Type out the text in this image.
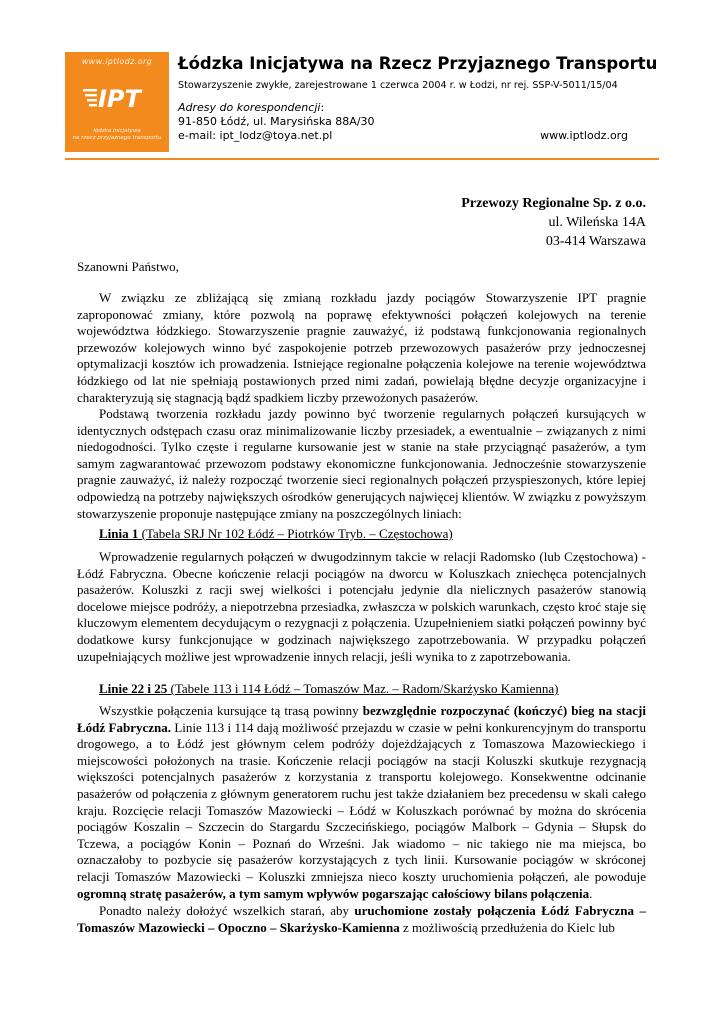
www.iptlodz.org
IPT
łódzka inicjatywa
na rzecz przyjaznego transportu
Łódzka Inicjatywa na Rzecz Przyjaznego Transportu
Stowarzyszenie zwykłe, zarejestrowane 1 czerwca 2004 r. w Łodzi, nr rej. SSP-V-5011/15/04
Adresy do korespondencji:
91-850 Łódź, ul. Marysińska 88A/30
e-mail: ipt_lodz@toya.net.pl	www.iptlodz.org
Przewozy Regionalne Sp. z o.o.
ul. Wileńska 14A
03-414 Warszawa
Szanowni Państwo,
W związku ze zbliżającą się zmianą rozkładu jazdy pociągów Stowarzyszenie IPT pragnie zaproponować zmiany, które pozwolą na poprawę efektywności połączeń kolejowych na terenie województwa łódzkiego. Stowarzyszenie pragnie zauważyć, iż podstawą funkcjonowania regionalnych przewozów kolejowych winno być zaspokojenie potrzeb przewozowych pasażerów przy jednoczesnej optymalizacji kosztów ich prowadzenia. Istniejące regionalne połączenia kolejowe na terenie województwa łódzkiego od lat nie spełniają postawionych przed nimi zadań, powielają błędne decyzje organizacyjne i charakteryzują się stagnacją bądź spadkiem liczby przewożonych pasażerów.
Podstawą tworzenia rozkładu jazdy powinno być tworzenie regularnych połączeń kursujących w identycznych odstępach czasu oraz minimalizowanie liczby przesiadek, a ewentualnie – związanych z nimi niedogodności. Tylko częste i regularne kursowanie jest w stanie na stałe przyciągnąć pasażerów, a tym samym zagwarantować przewozom podstawy ekonomiczne funkcjonowania. Jednocześnie stowarzyszenie pragnie zauważyć, iż należy rozpocząć tworzenie sieci regionalnych połączeń przyspieszonych, które lepiej odpowiedzą na potrzeby największych ośrodków generujących najwięcej klientów. W związku z powyższym stowarzyszenie proponuje następujące zmiany na poszczególnych liniach:
Linia 1 (Tabela SRJ Nr 102 Łódź – Piotrków Tryb. – Częstochowa)
Wprowadzenie regularnych połączeń w dwugodzinnym takcie w relacji Radomsko (lub Częstochowa) - Łódź Fabryczna. Obecne kończenie relacji pociągów na dworcu w Koluszkach zniechęca potencjalnych pasażerów. Koluszki z racji swej wielkości i potencjału jedynie dla nielicznych pasażerów stanowią docelowe miejsce podróży, a niepotrzebna przesiadka, zwłaszcza w polskich warunkach, często kroć staje się kluczowym elementem decydującym o rezygnacji z połączenia. Uzupełnieniem siatki połączeń powinny być dodatkowe kursy funkcjonujące w godzinach największego zapotrzebowania. W przypadku połączeń uzupełniających możliwe jest wprowadzenie innych relacji, jeśli wynika to z zapotrzebowania.
Linie 22 i 25 (Tabele 113 i 114 Łódź – Tomaszów Maz. – Radom/Skarżysko Kamienna)
Wszystkie połączenia kursujące tą trasą powinny bezwzględnie rozpoczynać (kończyć) bieg na stacji Łódź Fabryczna. Linie 113 i 114 dają możliwość przejazdu w czasie w pełni konkurencyjnym do transportu drogowego, a to Łódź jest głównym celem podróży dojeżdżających z Tomaszowa Mazowieckiego i miejscowości położonych na trasie. Kończenie relacji pociągów na stacji Koluszki skutkuje rezygnacją większości potencjalnych pasażerów z korzystania z transportu kolejowego. Konsekwentne odcinanie pasażerów od połączenia z głównym generatorem ruchu jest także działaniem bez precedensu w skali całego kraju. Rozcięcie relacji Tomaszów Mazowiecki – Łódź w Koluszkach porównać by można do skrócenia pociągów Koszalin – Szczecin do Stargardu Szczecińskiego, pociągów Malbork – Gdynia – Słupsk do Tczewa, a pociągów Konin – Poznań do Wrześni. Jak wiadomo – nic takiego nie ma miejsca, bo oznaczałoby to pozbycie się pasażerów korzystających z tych linii. Kursowanie pociągów w skróconej relacji Tomaszów Mazowiecki – Koluszki zmniejsza nieco koszty uruchomienia połączeń, ale powoduje ogromną stratę pasażerów, a tym samym wpływów pogarszając całościowy bilans połączenia.
Ponadto należy dołożyć wszelkich starań, aby uruchomione zostały połączenia Łódź Fabryczna – Tomaszów Mazowiecki – Opoczno – Skarżysko-Kamienna z możliwością przedłużenia do Kielc lub
